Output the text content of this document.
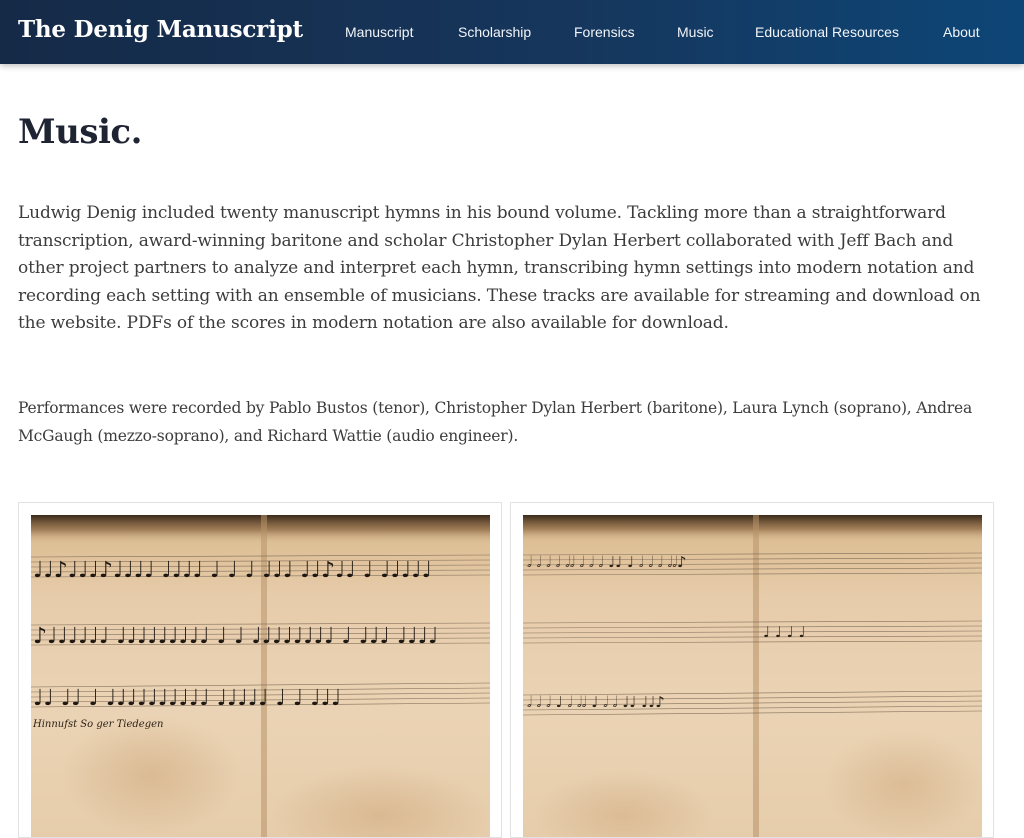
The Denig Manuscript	Manuscript	Scholarship	Forensics	Music	Educational Resources	About
Music.

Ludwig Denig included twenty manuscript hymns in his bound volume. Tackling more than a straightforward transcription, award-winning baritone and scholar Christopher Dylan Herbert collaborated with Jeff Bach and other project partners to analyze and interpret each hymn, transcribing hymn settings into modern notation and recording each setting with an ensemble of musicians. These tracks are available for streaming and download on the website. PDFs of the scores in modern notation are also available for download.

Performances were recorded by Pablo Bustos (tenor), Christopher Dylan Herbert (baritone), Laura Lynch (soprano), Andrea McGaugh (mezzo-soprano), and Richard Wattie (audio engineer).

♩♩♪♩♩♩♪♩♩♩♩ ♩♩♩♩ ♩ ♩ ♩ ♩♩♩ ♩♩♪♩♩ ♩ ♩♩♩♩♩
♪♩♩♩♩♩♩ ♩♩♩♩♩♩♩♩♩ ♩ ♩ ♩♩♩♩♩♩♩♩ ♩ ♩♩♩ ♩♩♩♩
♩♩ ♩♩ ♩ ♩♩♩♩♩♩♩♩♩♩ ♩♩♩♩♩ ♩ ♩ ♩♩♩
Hinnufst So ger Tiedegen
𝅗𝅥 𝅗𝅥 𝅗𝅥 𝅗𝅥 𝅗𝅥𝅗𝅥 𝅗𝅥 𝅗𝅥 𝅗𝅥 ♩♩ ♩ 𝅗𝅥 𝅗𝅥 𝅗𝅥 𝅗𝅥𝅗𝅥♪
♩ ♩ ♩ ♩
𝅗𝅥 𝅗𝅥 𝅗𝅥 ♩ 𝅗𝅥 𝅗𝅥𝅗𝅥 ♩ 𝅗𝅥 𝅗𝅥 ♩♩ ♩♩♪
